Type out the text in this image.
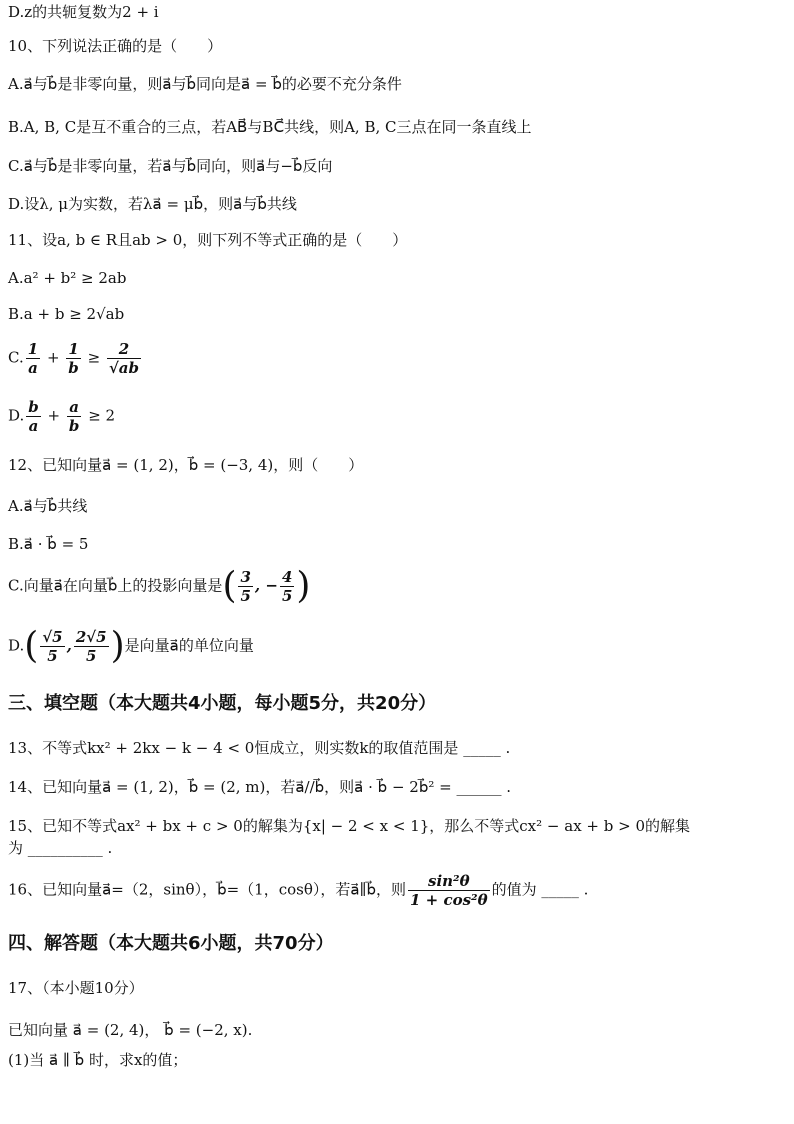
D.z的共轭复数为2 + i
10、下列说法正确的是（　　）
A.a⃗与b⃗是非零向量，则a⃗与b⃗同向是a⃗ = b⃗的必要不充分条件
B.A, B, C是互不重合的三点，若AB⃗与BC⃗共线，则A, B, C三点在同一条直线上
C.a⃗与b⃗是非零向量，若a⃗与b⃗同向，则a⃗与−b⃗反向
D.设λ, μ为实数，若λa⃗ = μb⃗，则a⃗与b⃗共线
11、设a, b ∈ R且ab > 0，则下列不等式正确的是（　　）
A.a² + b² ≥ 2ab
B.a + b ≥ 2√ab
C. $\frac{1}{a} + \frac{1}{b} \ge \frac{2}{√ab}$
D. $\frac{b}{a} + \frac{a}{b} \ge 2$
12、已知向量a⃗ = (1, 2)，b⃗ = (−3, 4)，则（　　）
A.a⃗与b⃗共线
B.a⃗ · b⃗ = 5
C.向量a⃗在向量b⃗上的投影向量是( $\frac{3}{5}$ , − $\frac{4}{5}$ )
$D.( \frac{√5}{5}$ , $\frac{2√5}{5}$ )是向量a⃗的单位向量
三、填空题（本大题共4小题，每小题5分，共20分）
13、不等式kx² + 2kx − k − 4 < 0恒成立，则实数k的取值范围是 _____ .
14、已知向量a⃗ = (1, 2)，b⃗ = (2, m)，若a⃗//b⃗，则a⃗ · b⃗ − 2b⃗² = ______ .
15、已知不等式ax² + bx + c > 0的解集为{x| − 2 < x < 1}，那么不等式cx² − ax + b > 0的解集
为 __________ .
16、已知向量a⃗=（2，sinθ），b⃗=（1，cosθ），若a⃗∥b⃗，则 $\frac{\text{sin²θ}}{\text{1 + cos²θ}}$ 的值为 _____ .
四、解答题（本大题共6小题，共70分）
17、（本小题10分）
已知向量 a⃗ = (2, 4)， b⃗ = (−2, x).
(1)当 a⃗ ∥ b⃗ 时，求x的值；
